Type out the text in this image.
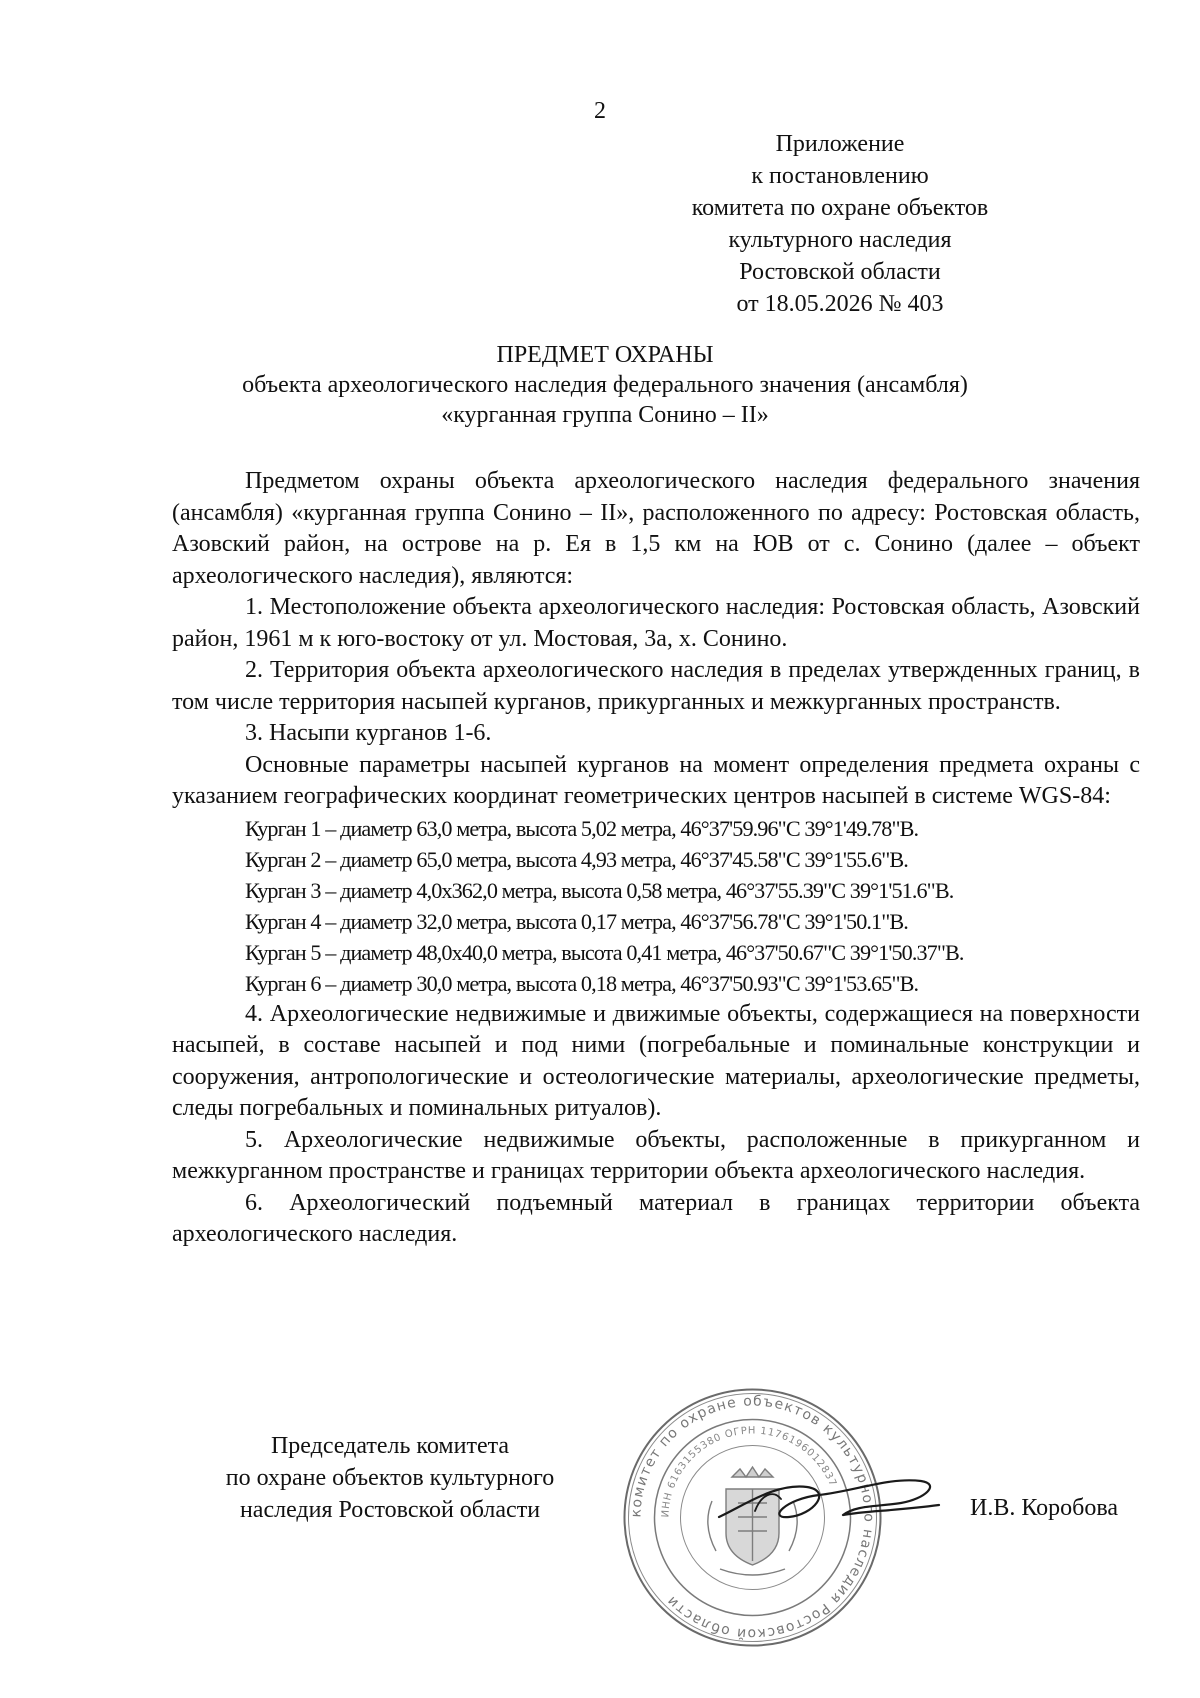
2
Приложение
к постановлению
комитета по охране объектов
культурного наследия
Ростовской области
от 18.05.2026 № 403
ПРЕДМЕТ ОХРАНЫ
объекта археологического наследия федерального значения (ансамбля)
«курганная группа Сонино – II»

Предметом охраны объекта археологического наследия федерального значения (ансамбля) «курганная группа Сонино – II», расположенного по адресу: Ростовская область, Азовский район, на острове на р. Ея в 1,5 км на ЮВ от с. Сонино (далее – объект археологического наследия), являются:

1. Местоположение объекта археологического наследия: Ростовская область, Азовский район, 1961 м к юго-востоку от ул. Мостовая, 3а, х. Сонино.

2. Территория объекта археологического наследия в пределах утвержденных границ, в том числе территория насыпей курганов, прикурганных и межкурганных пространств.

3. Насыпи курганов 1-6.

Основные параметры насыпей курганов на момент определения предмета охраны с указанием географических координат геометрических центров насыпей в системе WGS-84:

Курган 1 – диаметр 63,0 метра, высота 5,02 метра, 46°37'59.96"С 39°1'49.78"В.
Курган 2 – диаметр 65,0 метра, высота 4,93 метра, 46°37'45.58"С 39°1'55.6"В.
Курган 3 – диаметр 4,0х362,0 метра, высота 0,58 метра, 46°37'55.39"С 39°1'51.6"В.
Курган 4 – диаметр 32,0 метра, высота 0,17 метра, 46°37'56.78"С 39°1'50.1"В.
Курган 5 – диаметр 48,0х40,0 метра, высота 0,41 метра, 46°37'50.67"С 39°1'50.37"В.
Курган 6 – диаметр 30,0 метра, высота 0,18 метра, 46°37'50.93"С 39°1'53.65"В.

4. Археологические недвижимые и движимые объекты, содержащиеся на поверхности насыпей, в составе насыпей и под ними (погребальные и поминальные конструкции и сооружения, антропологические и остеологические материалы, археологические предметы, следы погребальных и поминальных ритуалов).

5. Археологические недвижимые объекты, расположенные в прикурганном и межкурганном пространстве и границах территории объекта археологического наследия.

6. Археологический подъемный материал в границах территории объекта археологического наследия.

Председатель комитета
по охране объектов культурного
наследия Ростовской области	комитет по охране объектов культурного наследия Ростовской области
ИНН 6163155380 ОГРН 1176196012837
И.В. Коробова
